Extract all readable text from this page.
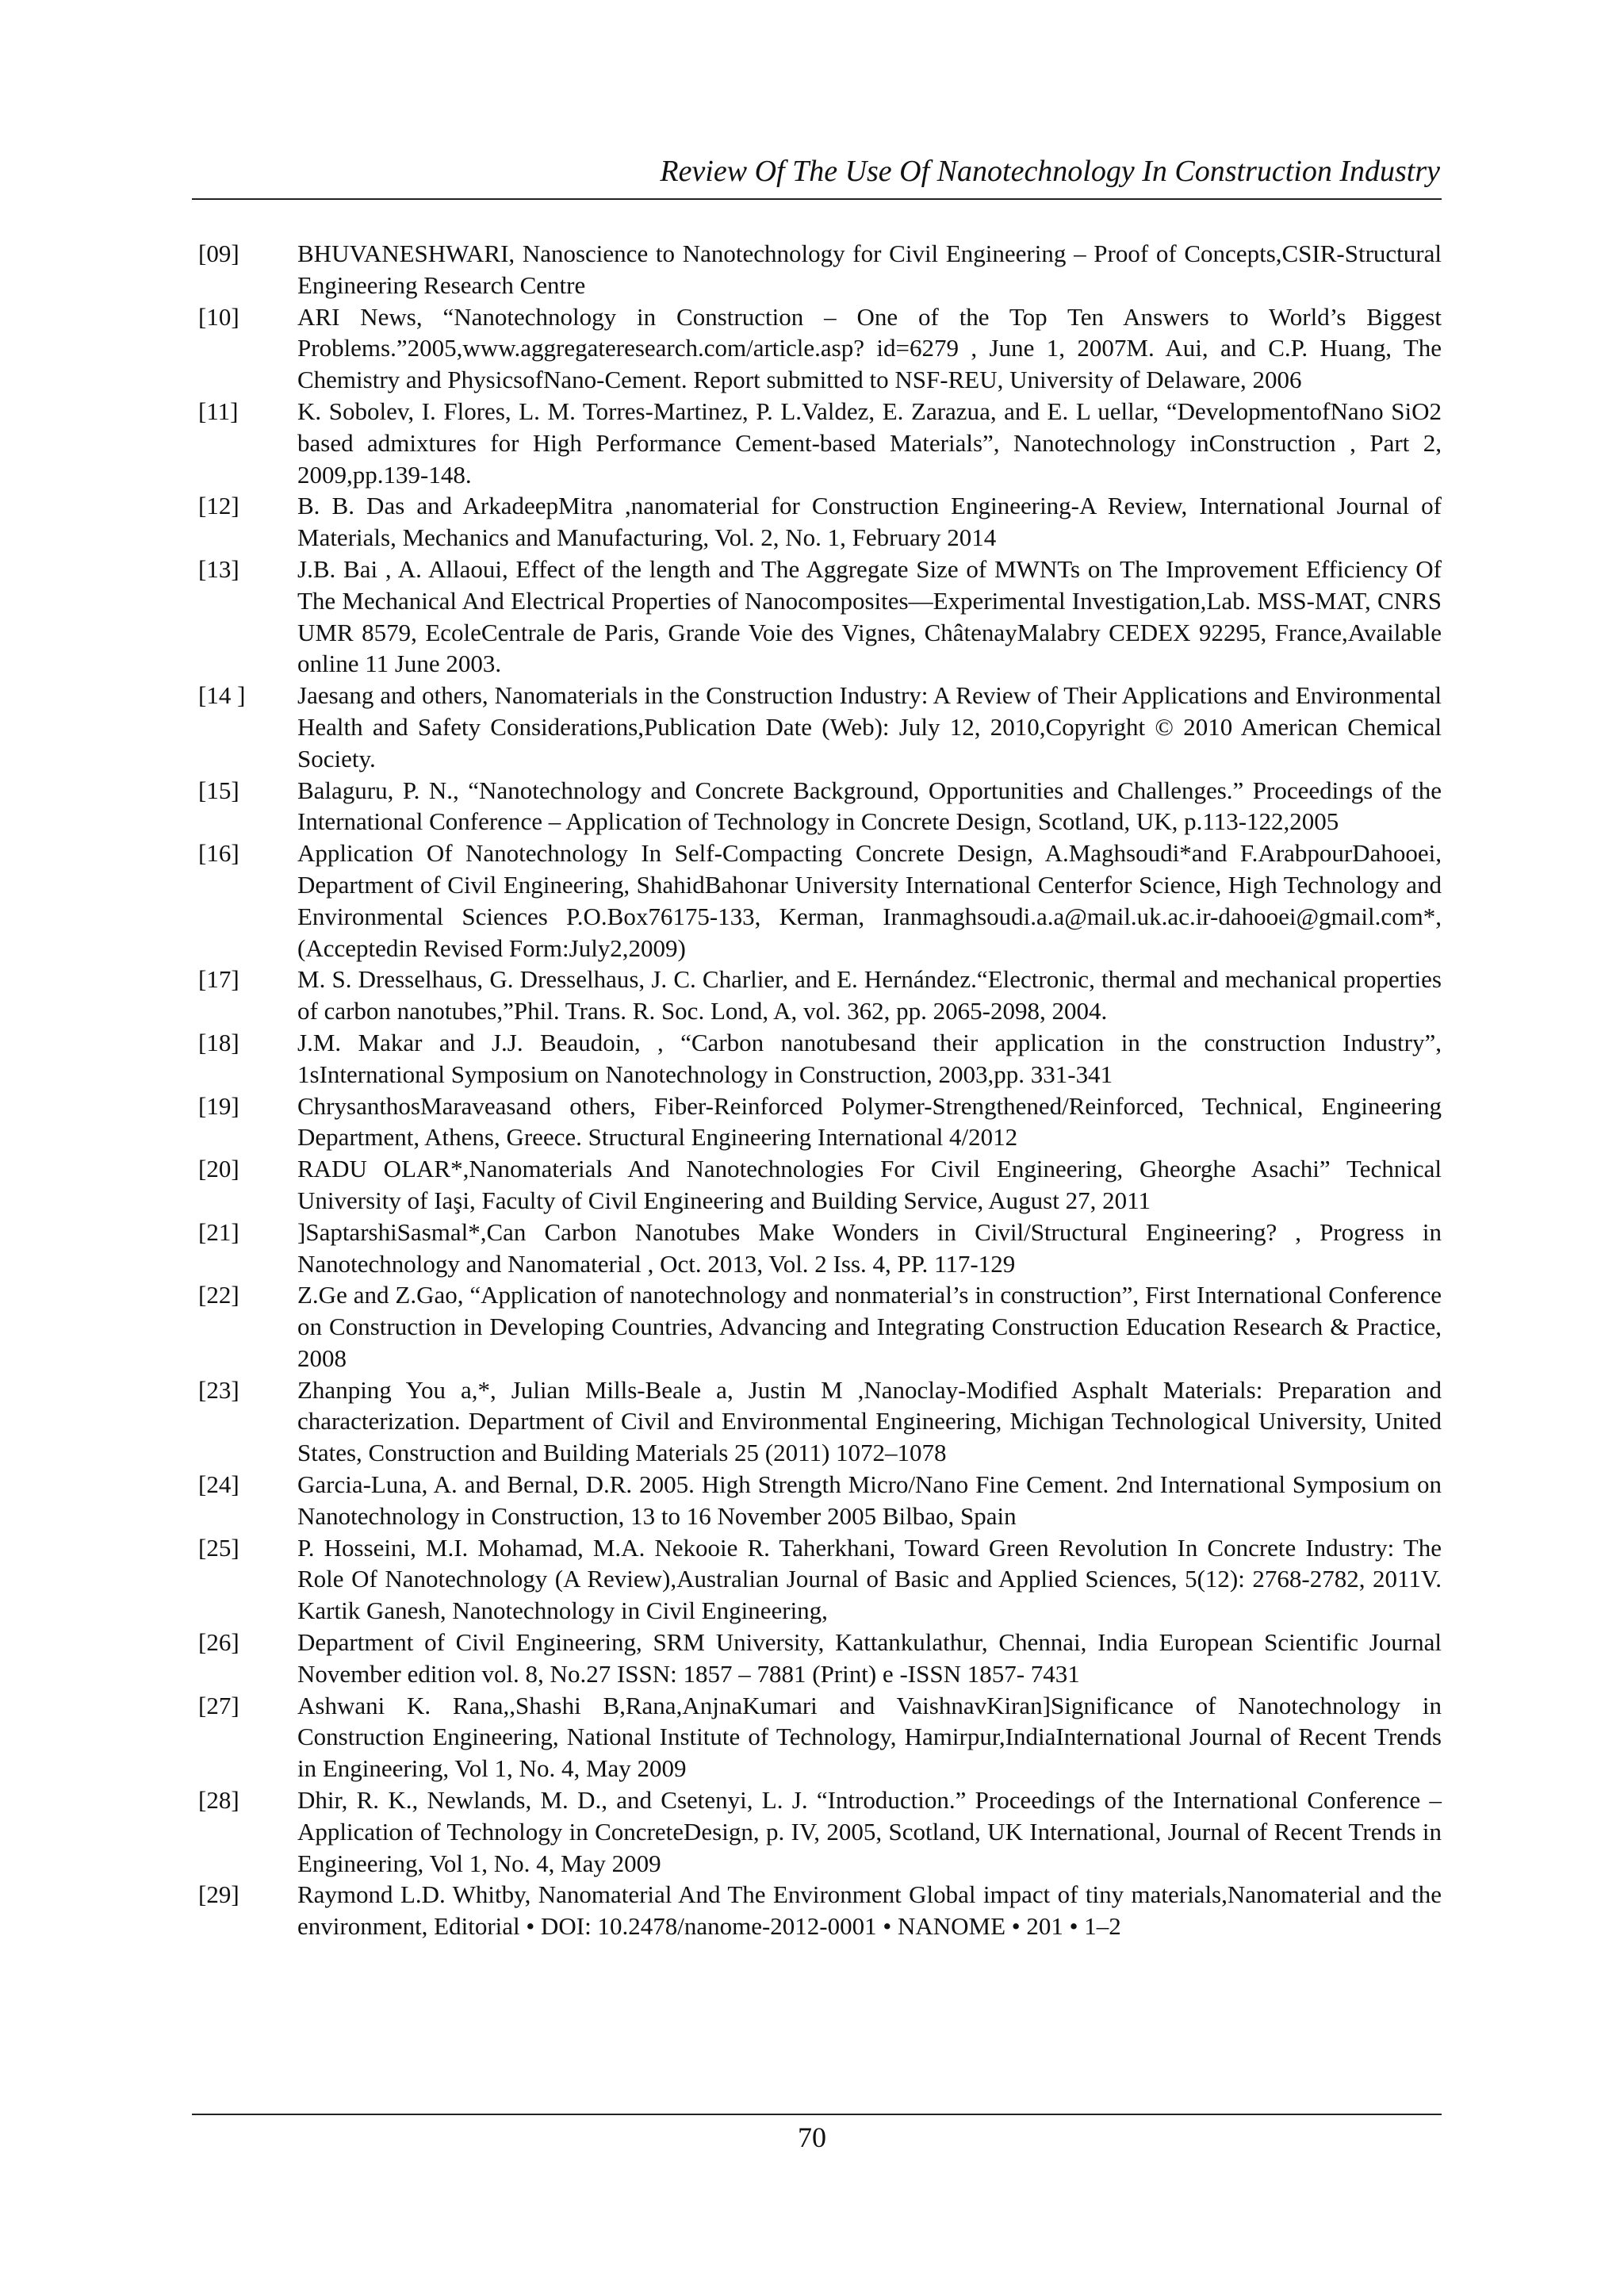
Review Of The Use Of Nanotechnology In Construction Industry
[09]	BHUVANESHWARI, Nanoscience to Nanotechnology for Civil Engineering – Proof of Concepts,CSIR-Structural Engineering Research Centre
[10]	ARI News, “Nanotechnology in Construction – One of the Top Ten Answers to World’s Biggest Problems.”2005,www.aggregateresearch.com/article.asp? id=6279 , June 1, 2007M. Aui, and C.P. Huang, The Chemistry and PhysicsofNano-Cement. Report submitted to NSF-REU, University of Delaware, 2006
[11]	K. Sobolev, I. Flores, L. M. Torres-Martinez, P. L.Valdez, E. Zarazua, and E. L uellar, “DevelopmentofNano SiO2 based admixtures for High Performance Cement-based Materials”, Nanotechnology inConstruction , Part 2, 2009,pp.139-148.
[12]	B. B. Das and ArkadeepMitra ,nanomaterial for Construction Engineering-A Review, International Journal of Materials, Mechanics and Manufacturing, Vol. 2, No. 1, February 2014
[13]	J.B. Bai , A. Allaoui, Effect of the length and The Aggregate Size of MWNTs on The Improvement Efficiency Of The Mechanical And Electrical Properties of Nanocomposites—Experimental Investigation,Lab. MSS-MAT, CNRS UMR 8579, EcoleCentrale de Paris, Grande Voie des Vignes, ChâtenayMalabry CEDEX 92295, France,Available online 11 June 2003.
[14 ]	Jaesang and others, Nanomaterials in the Construction Industry: A Review of Their Applications and Environmental Health and Safety Considerations,Publication Date (Web): July 12, 2010,Copyright © 2010 American Chemical Society.
[15]	Balaguru, P. N., “Nanotechnology and Concrete Background, Opportunities and Challenges.” Proceedings of the International Conference – Application of Technology in Concrete Design, Scotland, UK, p.113-122,2005
[16]	Application Of Nanotechnology In Self-Compacting Concrete Design, A.Maghsoudi*and F.ArabpourDahooei, Department of Civil Engineering, ShahidBahonar University International Centerfor Science, High Technology and Environmental Sciences P.O.Box76175-133, Kerman, Iranmaghsoudi.a.a@mail.uk.ac.ir-dahooei@gmail.com*, (Acceptedin Revised Form:July2,2009)
[17]	M. S. Dresselhaus, G. Dresselhaus, J. C. Charlier, and E. Hernández.“Electronic, thermal and mechanical properties of carbon nanotubes,”Phil. Trans. R. Soc. Lond, A, vol. 362, pp. 2065-2098, 2004.
[18]	J.M. Makar and J.J. Beaudoin, , “Carbon nanotubesand their application in the construction Industry”, 1sInternational Symposium on Nanotechnology in Construction, 2003,pp. 331-341
[19]	ChrysanthosMaraveasand others, Fiber-Reinforced Polymer-Strengthened/Reinforced, Technical, Engineering Department, Athens, Greece. Structural Engineering International 4/2012
[20]	RADU OLAR*,Nanomaterials And Nanotechnologies For Civil Engineering, Gheorghe Asachi” Technical University of Iaşi, Faculty of Civil Engineering and Building Service, August 27, 2011
[21]	]SaptarshiSasmal*,Can Carbon Nanotubes Make Wonders in Civil/Structural Engineering? , Progress in Nanotechnology and Nanomaterial , Oct. 2013, Vol. 2 Iss. 4, PP. 117-129
[22]	Z.Ge and Z.Gao, “Application of nanotechnology and nonmaterial’s in construction”, First International Conference on Construction in Developing Countries, Advancing and Integrating Construction Education Research & Practice, 2008
[23]	Zhanping You a,*, Julian Mills-Beale a, Justin M ,Nanoclay-Modified Asphalt Materials: Preparation and characterization. Department of Civil and Environmental Engineering, Michigan Technological University, United States, Construction and Building Materials 25 (2011) 1072–1078
[24]	Garcia-Luna, A. and Bernal, D.R. 2005. High Strength Micro/Nano Fine Cement. 2nd International Symposium on Nanotechnology in Construction, 13 to 16 November 2005 Bilbao, Spain
[25]	P. Hosseini, M.I. Mohamad, M.A. Nekooie R. Taherkhani, Toward Green Revolution In Concrete Industry: The Role Of Nanotechnology (A Review),Australian Journal of Basic and Applied Sciences, 5(12): 2768-2782, 2011V. Kartik Ganesh, Nanotechnology in Civil Engineering,
[26]	Department of Civil Engineering, SRM University, Kattankulathur, Chennai, India European Scientific Journal November edition vol. 8, No.27 ISSN: 1857 – 7881 (Print) e -ISSN 1857- 7431
[27]	Ashwani K. Rana,,Shashi B,Rana,AnjnaKumari and VaishnavKiran]Significance of Nanotechnology in Construction Engineering, National Institute of Technology, Hamirpur,IndiaInternational Journal of Recent Trends in Engineering, Vol 1, No. 4, May 2009
[28]	Dhir, R. K., Newlands, M. D., and Csetenyi, L. J. “Introduction.” Proceedings of the International Conference – Application of Technology in ConcreteDesign, p. IV, 2005, Scotland, UK International, Journal of Recent Trends in Engineering, Vol 1, No. 4, May 2009
[29]	Raymond L.D. Whitby, Nanomaterial And The Environment Global impact of tiny materials,Nanomaterial and the environment, Editorial • DOI: 10.2478/nanome-2012-0001 • NANOME • 201 • 1–2
70
